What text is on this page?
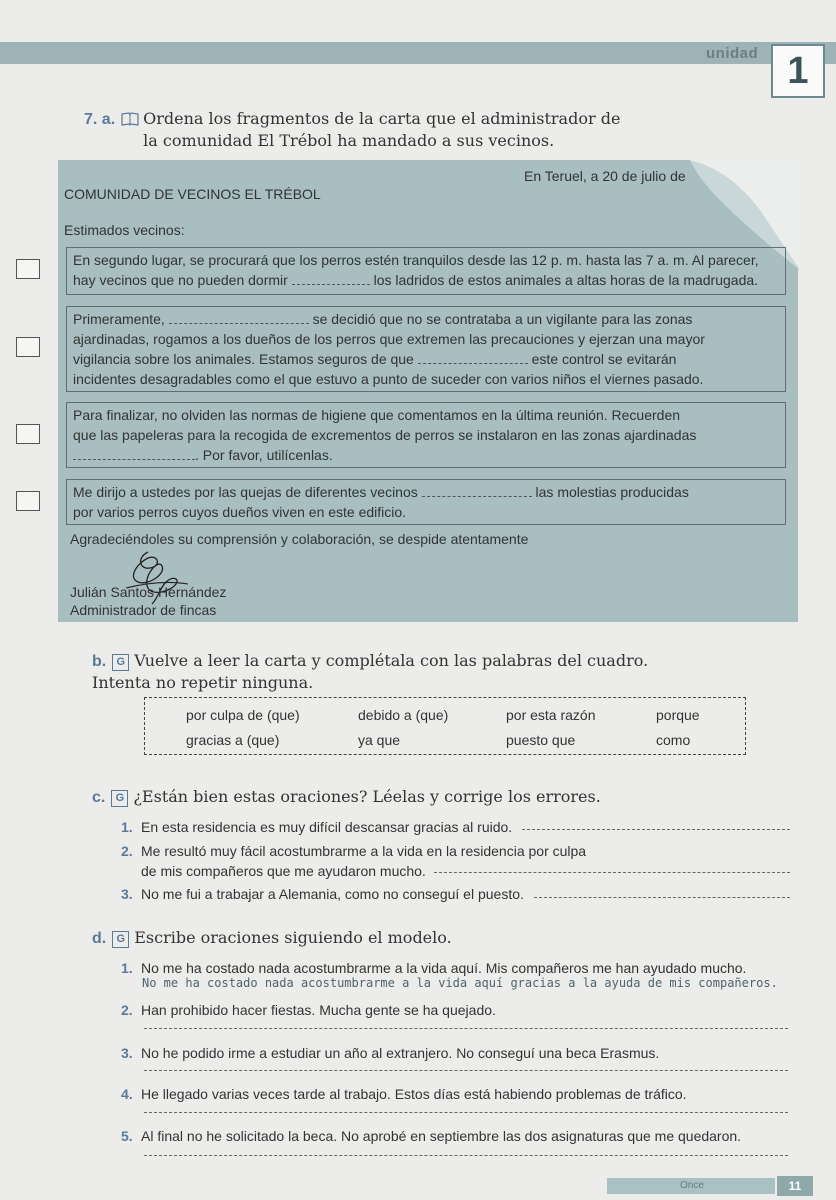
unidad 1
7. a. Ordena los fragmentos de la carta que el administrador de la comunidad El Trébol ha mandado a sus vecinos.
En Teruel, a 20 de julio de
COMUNIDAD DE VECINOS EL TRÉBOL
Estimados vecinos:
En segundo lugar, se procurará que los perros estén tranquilos desde las 12 p. m. hasta las 7 a. m. Al parecer,
hay vecinos que no pueden dormir	los ladridos de estos animales a altas horas de la madrugada.
Primeramente,	se decidió que no se contrataba a un vigilante para las zonas
ajardinadas, rogamos a los dueños de los perros que extremen las precauciones y ejerzan una mayor
vigilancia sobre los animales. Estamos seguros de que	este control se evitarán
incidentes desagradables como el que estuvo a punto de suceder con varios niños el viernes pasado.
Para finalizar, no olviden las normas de higiene que comentamos en la última reunión. Recuerden
que las papeleras para la recogida de excrementos de perros se instalaron en las zonas ajardinadas
. Por favor, utilícenlas.
Me dirijo a ustedes por las quejas de diferentes vecinos	las molestias producidas
por varios perros cuyos dueños viven en este edificio.
Agradeciéndoles su comprensión y colaboración, se despide atentamente
Julián Santos Hernández
Administrador de fincas
b. G Vuelve a leer la carta y complétala con las palabras del cuadro.
Intenta no repetir ninguna.
por culpa de (que)	debido a (que)	por esta razón	porque
gracias a (que)	ya que	puesto que	como
c. G ¿Están bien estas oraciones? Léelas y corrige los errores.
1. En esta residencia es muy difícil descansar gracias al ruido.
2. Me resultó muy fácil acostumbrarme a la vida en la residencia por culpa
de mis compañeros que me ayudaron mucho.
3. No me fui a trabajar a Alemania, como no conseguí el puesto.
d. G Escribe oraciones siguiendo el modelo.
1. No me ha costado nada acostumbrarme a la vida aquí. Mis compañeros me han ayudado mucho.
No me ha costado nada acostumbrarme a la vida aquí gracias a la ayuda de mis compañeros.
2. Han prohibido hacer fiestas. Mucha gente se ha quejado.
3. No he podido irme a estudiar un año al extranjero. No conseguí una beca Erasmus.
4. He llegado varias veces tarde al trabajo. Estos días está habiendo problemas de tráfico.
5. Al final no he solicitado la beca. No aprobé en septiembre las dos asignaturas que me quedaron.
Once	11
